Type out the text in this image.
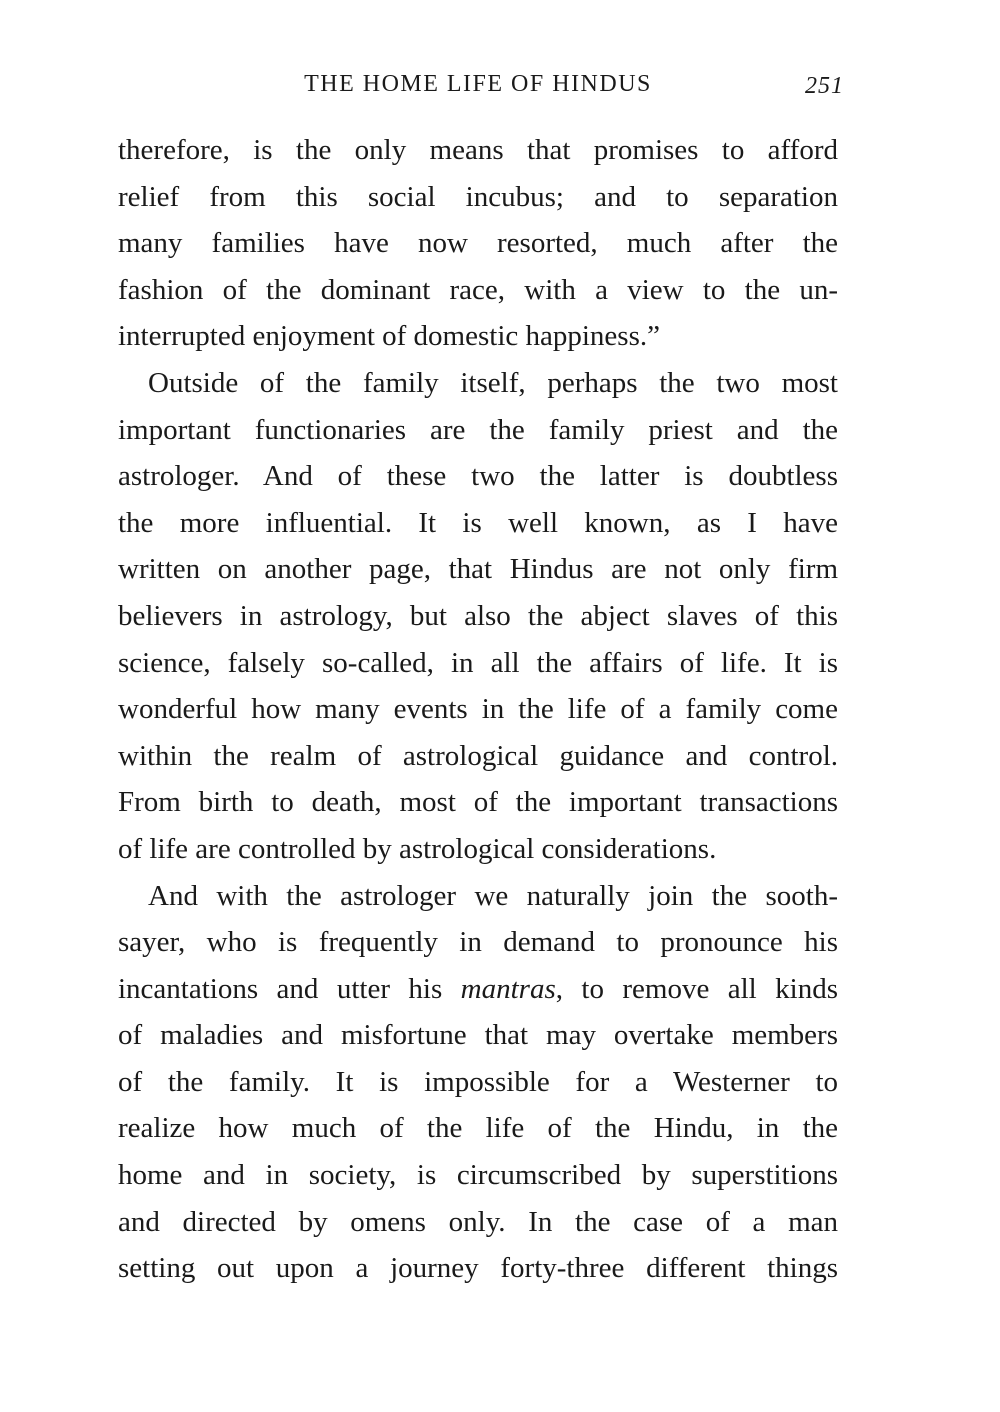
THE HOME LIFE OF HINDUS	251
therefore, is the only means that promises to afford
relief from this social incubus; and to separation
many families have now resorted, much after the
fashion of the dominant race, with a view to the un-
interrupted enjoyment of domestic happiness.”
Outside of the family itself, perhaps the two most
important functionaries are the family priest and the
astrologer. And of these two the latter is doubtless
the more influential. It is well known, as I have
written on another page, that Hindus are not only firm
believers in astrology, but also the abject slaves of this
science, falsely so-called, in all the affairs of life. It is
wonderful how many events in the life of a family come
within the realm of astrological guidance and control.
From birth to death, most of the important transactions
of life are controlled by astrological considerations.
And with the astrologer we naturally join the sooth-
sayer, who is frequently in demand to pronounce his
incantations and utter his mantras, to remove all kinds
of maladies and misfortune that may overtake members
of the family. It is impossible for a Westerner to
realize how much of the life of the Hindu, in the
home and in society, is circumscribed by superstitions
and directed by omens only. In the case of a man
setting out upon a journey forty-three different things
